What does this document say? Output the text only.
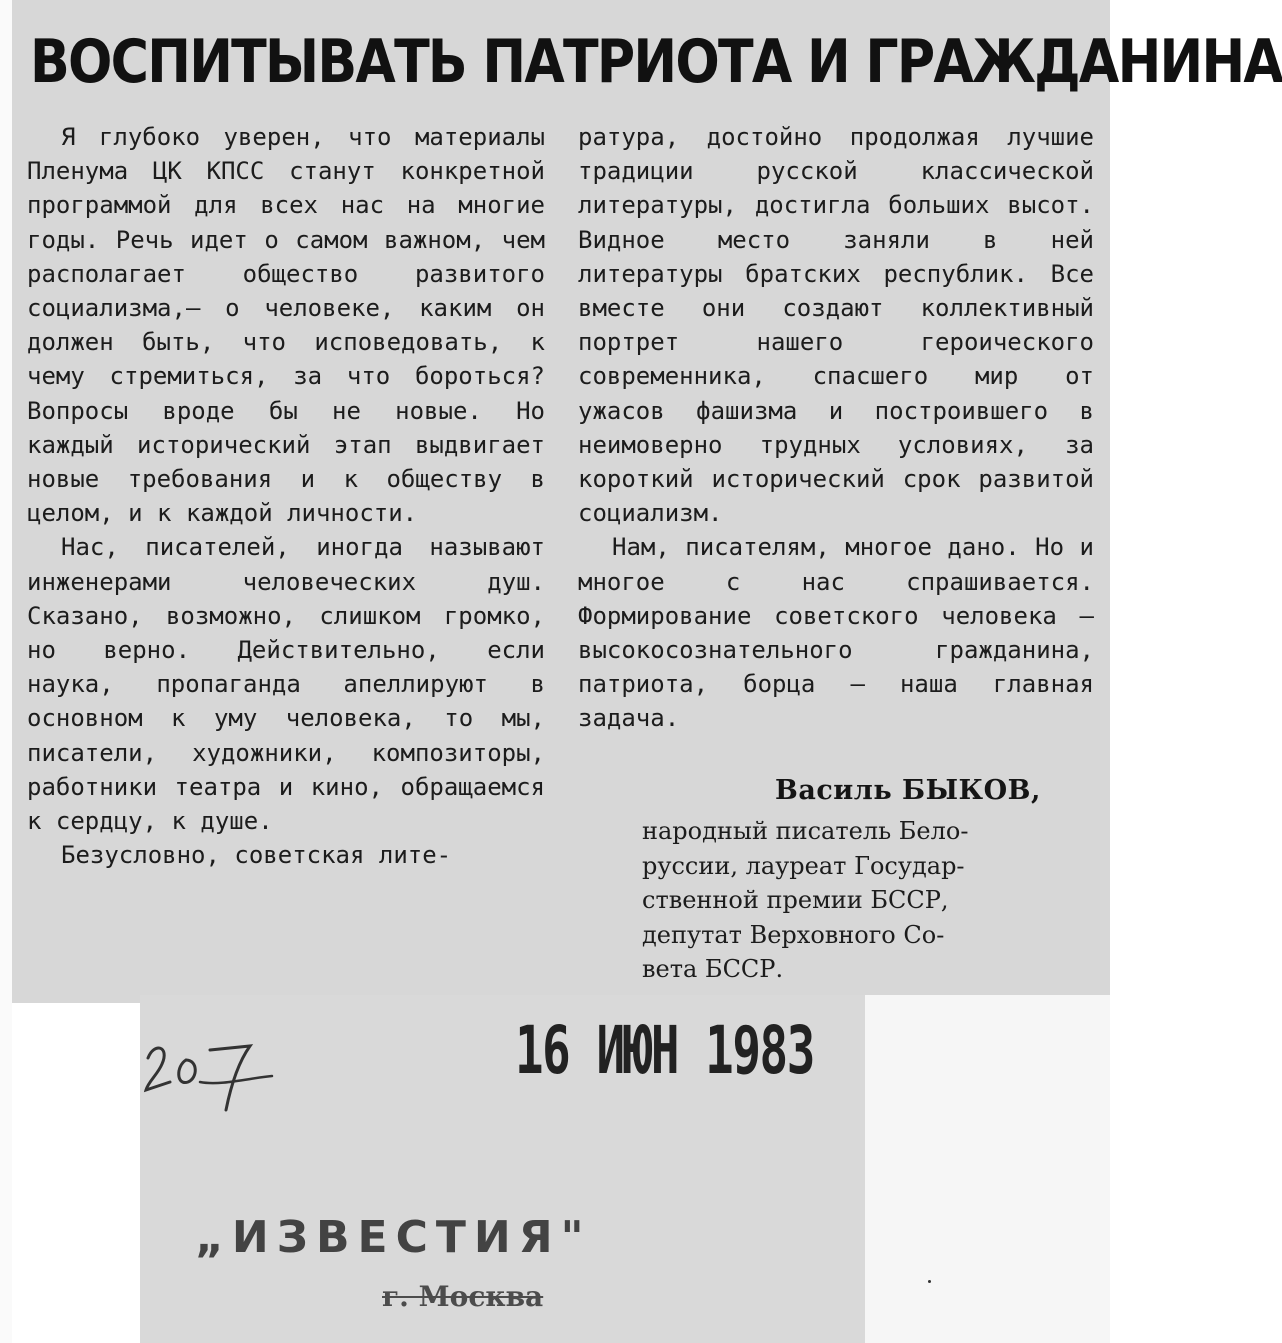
ВОСПИТЫВАТЬ ПАТРИОТА И ГРАЖДАНИНА

Я глубоко уверен, что материалы Пленума ЦК КПСС станут конкретной программой для всех нас на многие годы. Речь идет о самом важном, чем располагает общество развитого социализма,— о человеке, каким он должен быть, что исповедовать, к чему стремиться, за что бороться? Вопросы вроде бы не новые. Но каждый исторический этап выдвигает новые требования и к обществу в целом, и к каждой личности.

Нас, писателей, иногда называют инженерами человеческих душ. Сказано, возможно, слишком громко, но верно. Действительно, если наука, пропаганда апеллируют в основном к уму человека, то мы, писатели, художники, композиторы, работники театра и кино, обращаемся к сердцу, к душе.

Безусловно, советская лите-

ратура, достойно продолжая лучшие традиции русской классической литературы, достигла больших высот. Видное место заняли в ней литературы братских республик. Все вместе они создают коллективный портрет нашего героического современника, спасшего мир от ужасов фашизма и построившего в неимоверно трудных условиях, за короткий исторический срок развитой социализм.

Нам, писателям, многое дано. Но и многое с нас спрашивается. Формирование советского человека — высокосознательного гражданина, патриота, борца — наша главная задача.

Василь БЫКОВ,
народный писатель Бело-
руссии, лауреат Государ-
ственной премии БССР,
депутат Верховного Со-
вета БССР.
16 ИЮН 1983
„ИЗВЕСТИЯ"
г. Москва
